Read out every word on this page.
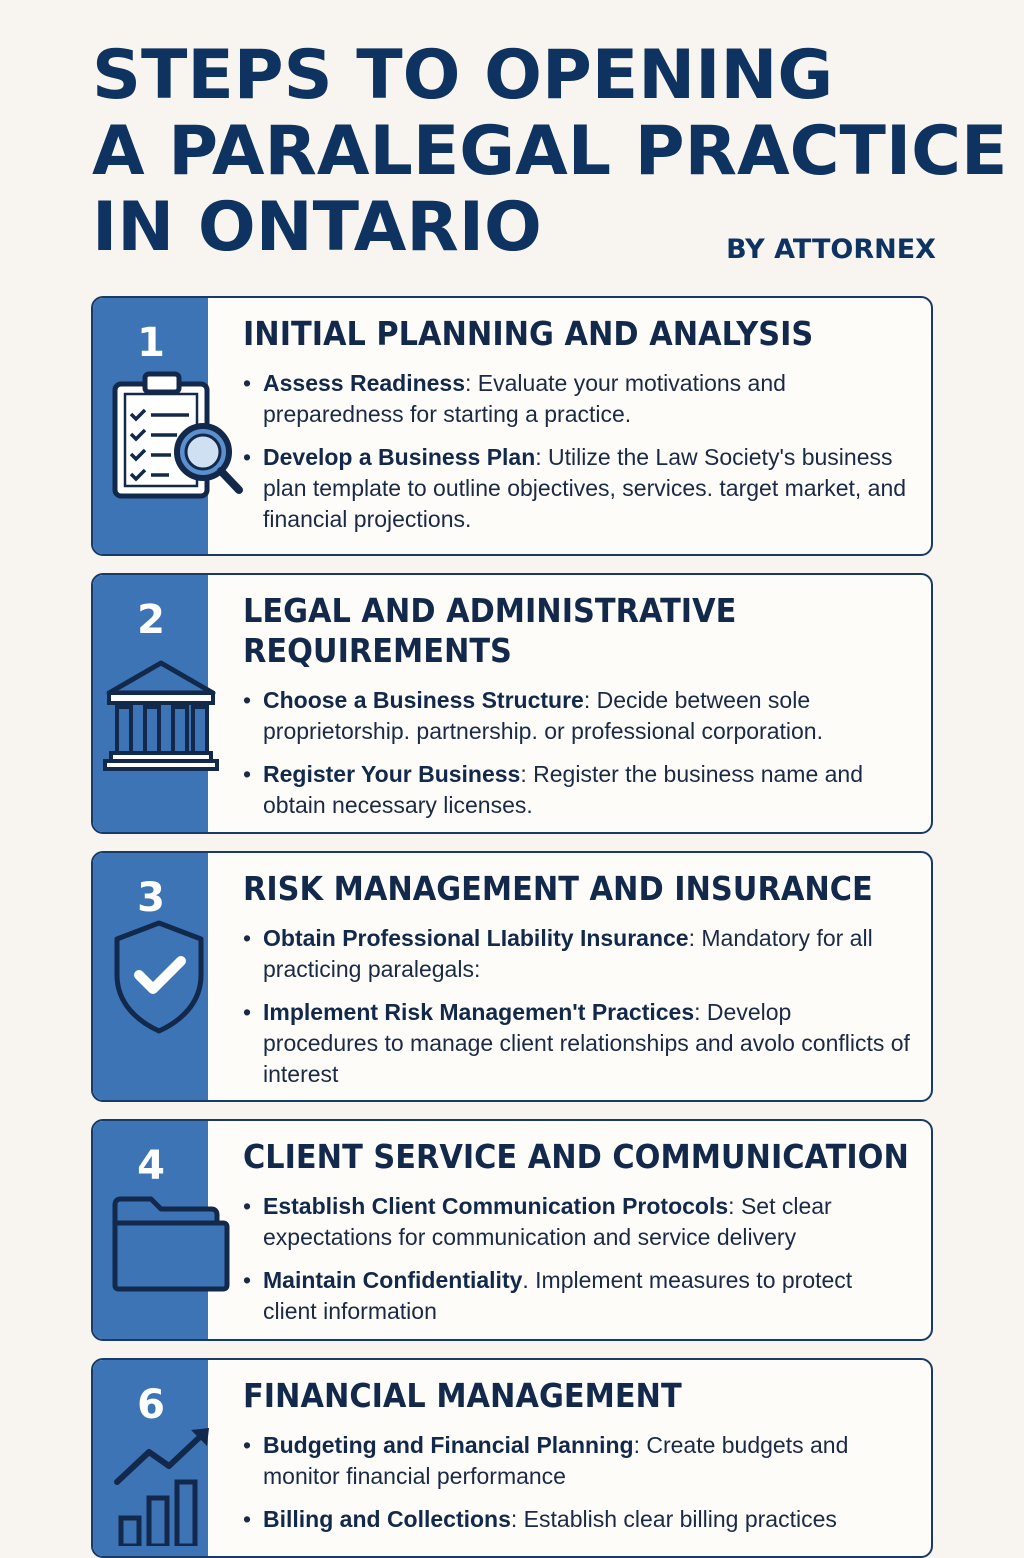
STEPS TO OPENING
A PARALEGAL PRACTICE
IN ONTARIO	BY ATTORNEX
1	INITIAL PLANNING AND ANALYSIS
• Assess Readiness: Evaluate your motivations and preparedness for starting a practice.
• Develop a Business Plan: Utilize the Law Society's business plan template to outline objectives, services. target market, and financial projections.
2	LEGAL AND ADMINISTRATIVE REQUIREMENTS
• Choose a Business Structure: Decide between sole proprietorship. partnership. or professional corporation.
• Register Your Business: Register the business name and obtain necessary licenses.
3	RISK MANAGEMENT AND INSURANCE
• Obtain Professional LIability Insurance: Mandatory for all practicing paralegals:
• Implement Risk Managemen't Practices: Develop procedures to manage client relationships and avolo conflicts of interest
4	CLIENT SERVICE AND COMMUNICATION
• Establish Client Communication Protocols: Set clear expectations for communication and service delivery
• Maintain Confidentiality. Implement measures to protect client information
6	FINANCIAL MANAGEMENT
• Budgeting and Financial Planning: Create budgets and monitor financial performance
• Billing and Collections: Establish clear billing practices
